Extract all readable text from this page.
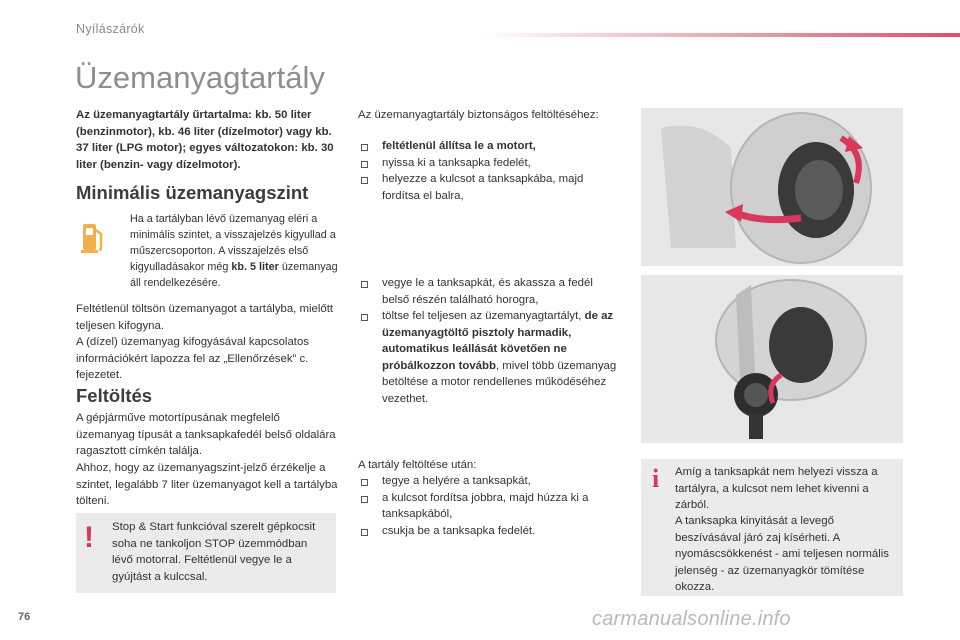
Nyílászárók
Üzemanyagtartály
Az üzemanyagtartály űrtartalma: kb. 50 liter (benzinmotor), kb. 46 liter (dízelmotor) vagy kb. 37 liter (LPG motor); egyes változatokon: kb. 30 liter (benzin- vagy dízelmotor).
Minimális üzemanyagszint
Ha a tartályban lévő üzemanyag eléri a minimális szintet, a visszajelzés kigyullad a műszercsoporton. A visszajelzés első kigyulladásakor még kb. 5 liter üzemanyag áll rendelkezésére.
Feltétlenül töltsön üzemanyagot a tartályba, mielőtt teljesen kifogyna.
A (dízel) üzemanyag kifogyásával kapcsolatos információkért lapozza fel az „Ellenőrzések” c. fejezetet.
Feltöltés
A gépjárműve motortípusának megfelelő üzemanyag típusát a tanksapkafedél belső oldalára ragasztott címkén találja.
Ahhoz, hogy az üzemanyagszint-jelző érzékelje a szintet, legalább 7 liter üzemanyagot kell a tartályba tölteni.
! Stop & Start funkcióval szerelt gépkocsit soha ne tankoljon STOP üzemmódban lévő motorral. Feltétlenül vegye le a gyújtást a kulccsal.
Az üzemanyagtartály biztonságos feltöltéséhez:
feltétlenül állítsa le a motort,
nyissa ki a tanksapka fedelét,
helyezze a kulcsot a tanksapkába, majd fordítsa el balra,
vegye le a tanksapkát, és akassza a fedél belső részén található horogra,
töltse fel teljesen az üzemanyagtartályt, de az üzemanyagtöltő pisztoly harmadik, automatikus leállását követően ne próbálkozzon tovább, mivel több üzemanyag betöltése a motor rendellenes működéséhez vezethet.
A tartály feltöltése után:
tegye a helyére a tanksapkát,
a kulcsot fordítsa jobbra, majd húzza ki a tanksapkából,
csukja be a tanksapka fedelét.
i Amíg a tanksapkát nem helyezi vissza a tartályra, a kulcsot nem lehet kivenni a zárból.
A tanksapka kinyitását a levegő beszívásával járó zaj kísérheti. A nyomáscsökkenést - ami teljesen normális jelenség - az üzemanyagkör tömítése okozza.
76	carmanualsonline.info
